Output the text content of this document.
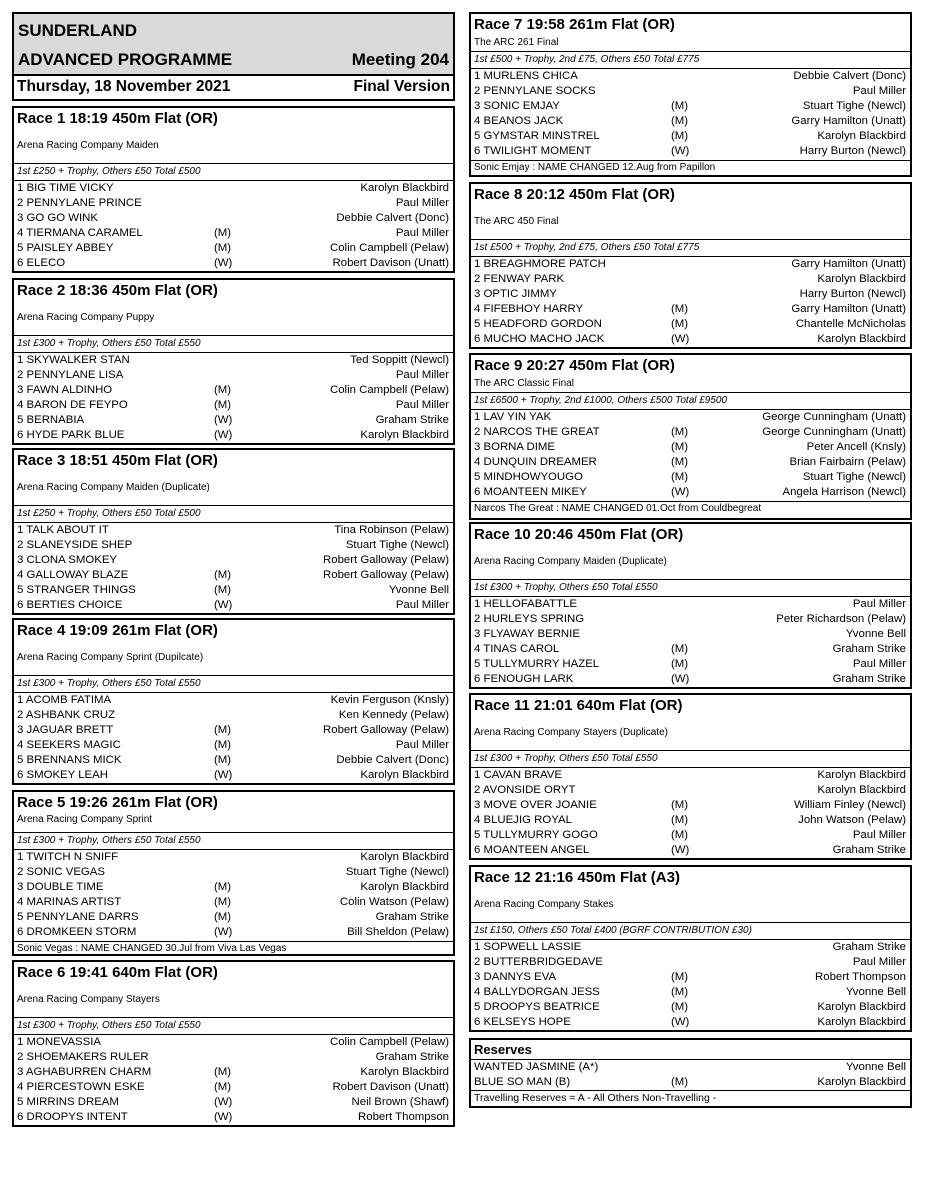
SUNDERLAND
ADVANCED PROGRAMME	Meeting 204
Thursday, 18 November 2021	Final Version
Race 1 18:19 450m Flat (OR)
Arena Racing Company Maiden
1st £250 + Trophy, Others £50 Total £500
1 BIG TIME VICKY	Karolyn Blackbird
2 PENNYLANE PRINCE	Paul Miller
3 GO GO WINK	Debbie Calvert (Donc)
4 TIERMANA CARAMEL	(M)	Paul Miller
5 PAISLEY ABBEY	(M)	Colin Campbell (Pelaw)
6 ELECO	(W)	Robert Davison (Unatt)
Race 2 18:36 450m Flat (OR)
Arena Racing Company Puppy
1st £300 + Trophy, Others £50 Total £550
1 SKYWALKER STAN	Ted Soppitt (Newcl)
2 PENNYLANE LISA	Paul Miller
3 FAWN ALDINHO	(M)	Colin Campbell (Pelaw)
4 BARON DE FEYPO	(M)	Paul Miller
5 BERNABIA	(W)	Graham Strike
6 HYDE PARK BLUE	(W)	Karolyn Blackbird
Race 3 18:51 450m Flat (OR)
Arena Racing Company Maiden (Duplicate)
1st £250 + Trophy, Others £50 Total £500
1 TALK ABOUT IT	Tina Robinson (Pelaw)
2 SLANEYSIDE SHEP	Stuart Tighe (Newcl)
3 CLONA SMOKEY	Robert Galloway (Pelaw)
4 GALLOWAY BLAZE	(M)	Robert Galloway (Pelaw)
5 STRANGER THINGS	(M)	Yvonne Bell
6 BERTIES CHOICE	(W)	Paul Miller
Race 4 19:09 261m Flat (OR)
Arena Racing Company Sprint (Dupilcate)
1st £300 + Trophy, Others £50 Total £550
1 ACOMB FATIMA	Kevin Ferguson (Knsly)
2 ASHBANK CRUZ	Ken Kennedy (Pelaw)
3 JAGUAR BRETT	(M)	Robert Galloway (Pelaw)
4 SEEKERS MAGIC	(M)	Paul Miller
5 BRENNANS MICK	(M)	Debbie Calvert (Donc)
6 SMOKEY LEAH	(W)	Karolyn Blackbird
Race 5 19:26 261m Flat (OR)
Arena Racing Company Sprint
1st £300 + Trophy, Others £50 Total £550
1 TWITCH N SNIFF	Karolyn Blackbird
2 SONIC VEGAS	Stuart Tighe (Newcl)
3 DOUBLE TIME	(M)	Karolyn Blackbird
4 MARINAS ARTIST	(M)	Colin Watson (Pelaw)
5 PENNYLANE DARRS	(M)	Graham Strike
6 DROMKEEN STORM	(W)	Bill Sheldon (Pelaw)
Sonic Vegas : NAME CHANGED 30.Jul from Viva Las Vegas
Race 6 19:41 640m Flat (OR)
Arena Racing Company Stayers
1st £300 + Trophy, Others £50 Total £550
1 MONEVASSIA	Colin Campbell (Pelaw)
2 SHOEMAKERS RULER	Graham Strike
3 AGHABURREN CHARM	(M)	Karolyn Blackbird
4 PIERCESTOWN ESKE	(M)	Robert Davison (Unatt)
5 MIRRINS DREAM	(W)	Neil Brown (Shawf)
6 DROOPYS INTENT	(W)	Robert Thompson
Reserves
WANTED JASMINE (A*)	Yvonne Bell
BLUE SO MAN (B)	(M)	Karolyn Blackbird
Travelling Reserves = A - All Others Non-Travelling -
Race 7 19:58 261m Flat (OR)
The ARC 261 Final
1st £500 + Trophy, 2nd £75, Others £50 Total £775
1 MURLENS CHICA	Debbie Calvert (Donc)
2 PENNYLANE SOCKS	Paul Miller
3 SONIC EMJAY	(M)	Stuart Tighe (Newcl)
4 BEANOS JACK	(M)	Garry Hamilton (Unatt)
5 GYMSTAR MINSTREL	(M)	Karolyn Blackbird
6 TWILIGHT MOMENT	(W)	Harry Burton (Newcl)
Sonic Emjay : NAME CHANGED 12.Aug from Papillon
Race 8 20:12 450m Flat (OR)
The ARC 450 Final
1st £500 + Trophy, 2nd £75, Others £50 Total £775
1 BREAGHMORE PATCH	Garry Hamilton (Unatt)
2 FENWAY PARK	Karolyn Blackbird
3 OPTIC JIMMY	Harry Burton (Newcl)
4 FIFEBHOY HARRY	(M)	Garry Hamilton (Unatt)
5 HEADFORD GORDON	(M)	Chantelle McNicholas
6 MUCHO MACHO JACK	(W)	Karolyn Blackbird
Race 9 20:27 450m Flat (OR)
The ARC Classic Final
1st £6500 + Trophy, 2nd £1000, Others £500 Total £9500
1 LAV YIN YAK	George Cunningham (Unatt)
2 NARCOS THE GREAT	(M)	George Cunningham (Unatt)
3 BORNA DIME	(M)	Peter Ancell (Knsly)
4 DUNQUIN DREAMER	(M)	Brian Fairbairn (Pelaw)
5 MINDHOWYOUGO	(M)	Stuart Tighe (Newcl)
6 MOANTEEN MIKEY	(W)	Angela Harrison (Newcl)
Narcos The Great : NAME CHANGED 01.Oct from Couldbegreat
Race 10 20:46 450m Flat (OR)
Arena Racing Company Maiden (Duplicate)
1st £300 + Trophy, Others £50 Total £550
1 HELLOFABATTLE	Paul Miller
2 HURLEYS SPRING	Peter Richardson (Pelaw)
3 FLYAWAY BERNIE	Yvonne Bell
4 TINAS CAROL	(M)	Graham Strike
5 TULLYMURRY HAZEL	(M)	Paul Miller
6 FENOUGH LARK	(W)	Graham Strike
Race 11 21:01 640m Flat (OR)
Arena Racing Company Stayers (Duplicate)
1st £300 + Trophy, Others £50 Total £550
1 CAVAN BRAVE	Karolyn Blackbird
2 AVONSIDE ORYT	Karolyn Blackbird
3 MOVE OVER JOANIE	(M)	William Finley (Newcl)
4 BLUEJIG ROYAL	(M)	John Watson (Pelaw)
5 TULLYMURRY GOGO	(M)	Paul Miller
6 MOANTEEN ANGEL	(W)	Graham Strike
Race 12 21:16 450m Flat (A3)
Arena Racing Company Stakes
1st £150, Others £50 Total £400 (BGRF CONTRIBUTION £30)
1 SOPWELL LASSIE	Graham Strike
2 BUTTERBRIDGEDAVE	Paul Miller
3 DANNYS EVA	(M)	Robert Thompson
4 BALLYDORGAN JESS	(M)	Yvonne Bell
5 DROOPYS BEATRICE	(M)	Karolyn Blackbird
6 KELSEYS HOPE	(W)	Karolyn Blackbird
